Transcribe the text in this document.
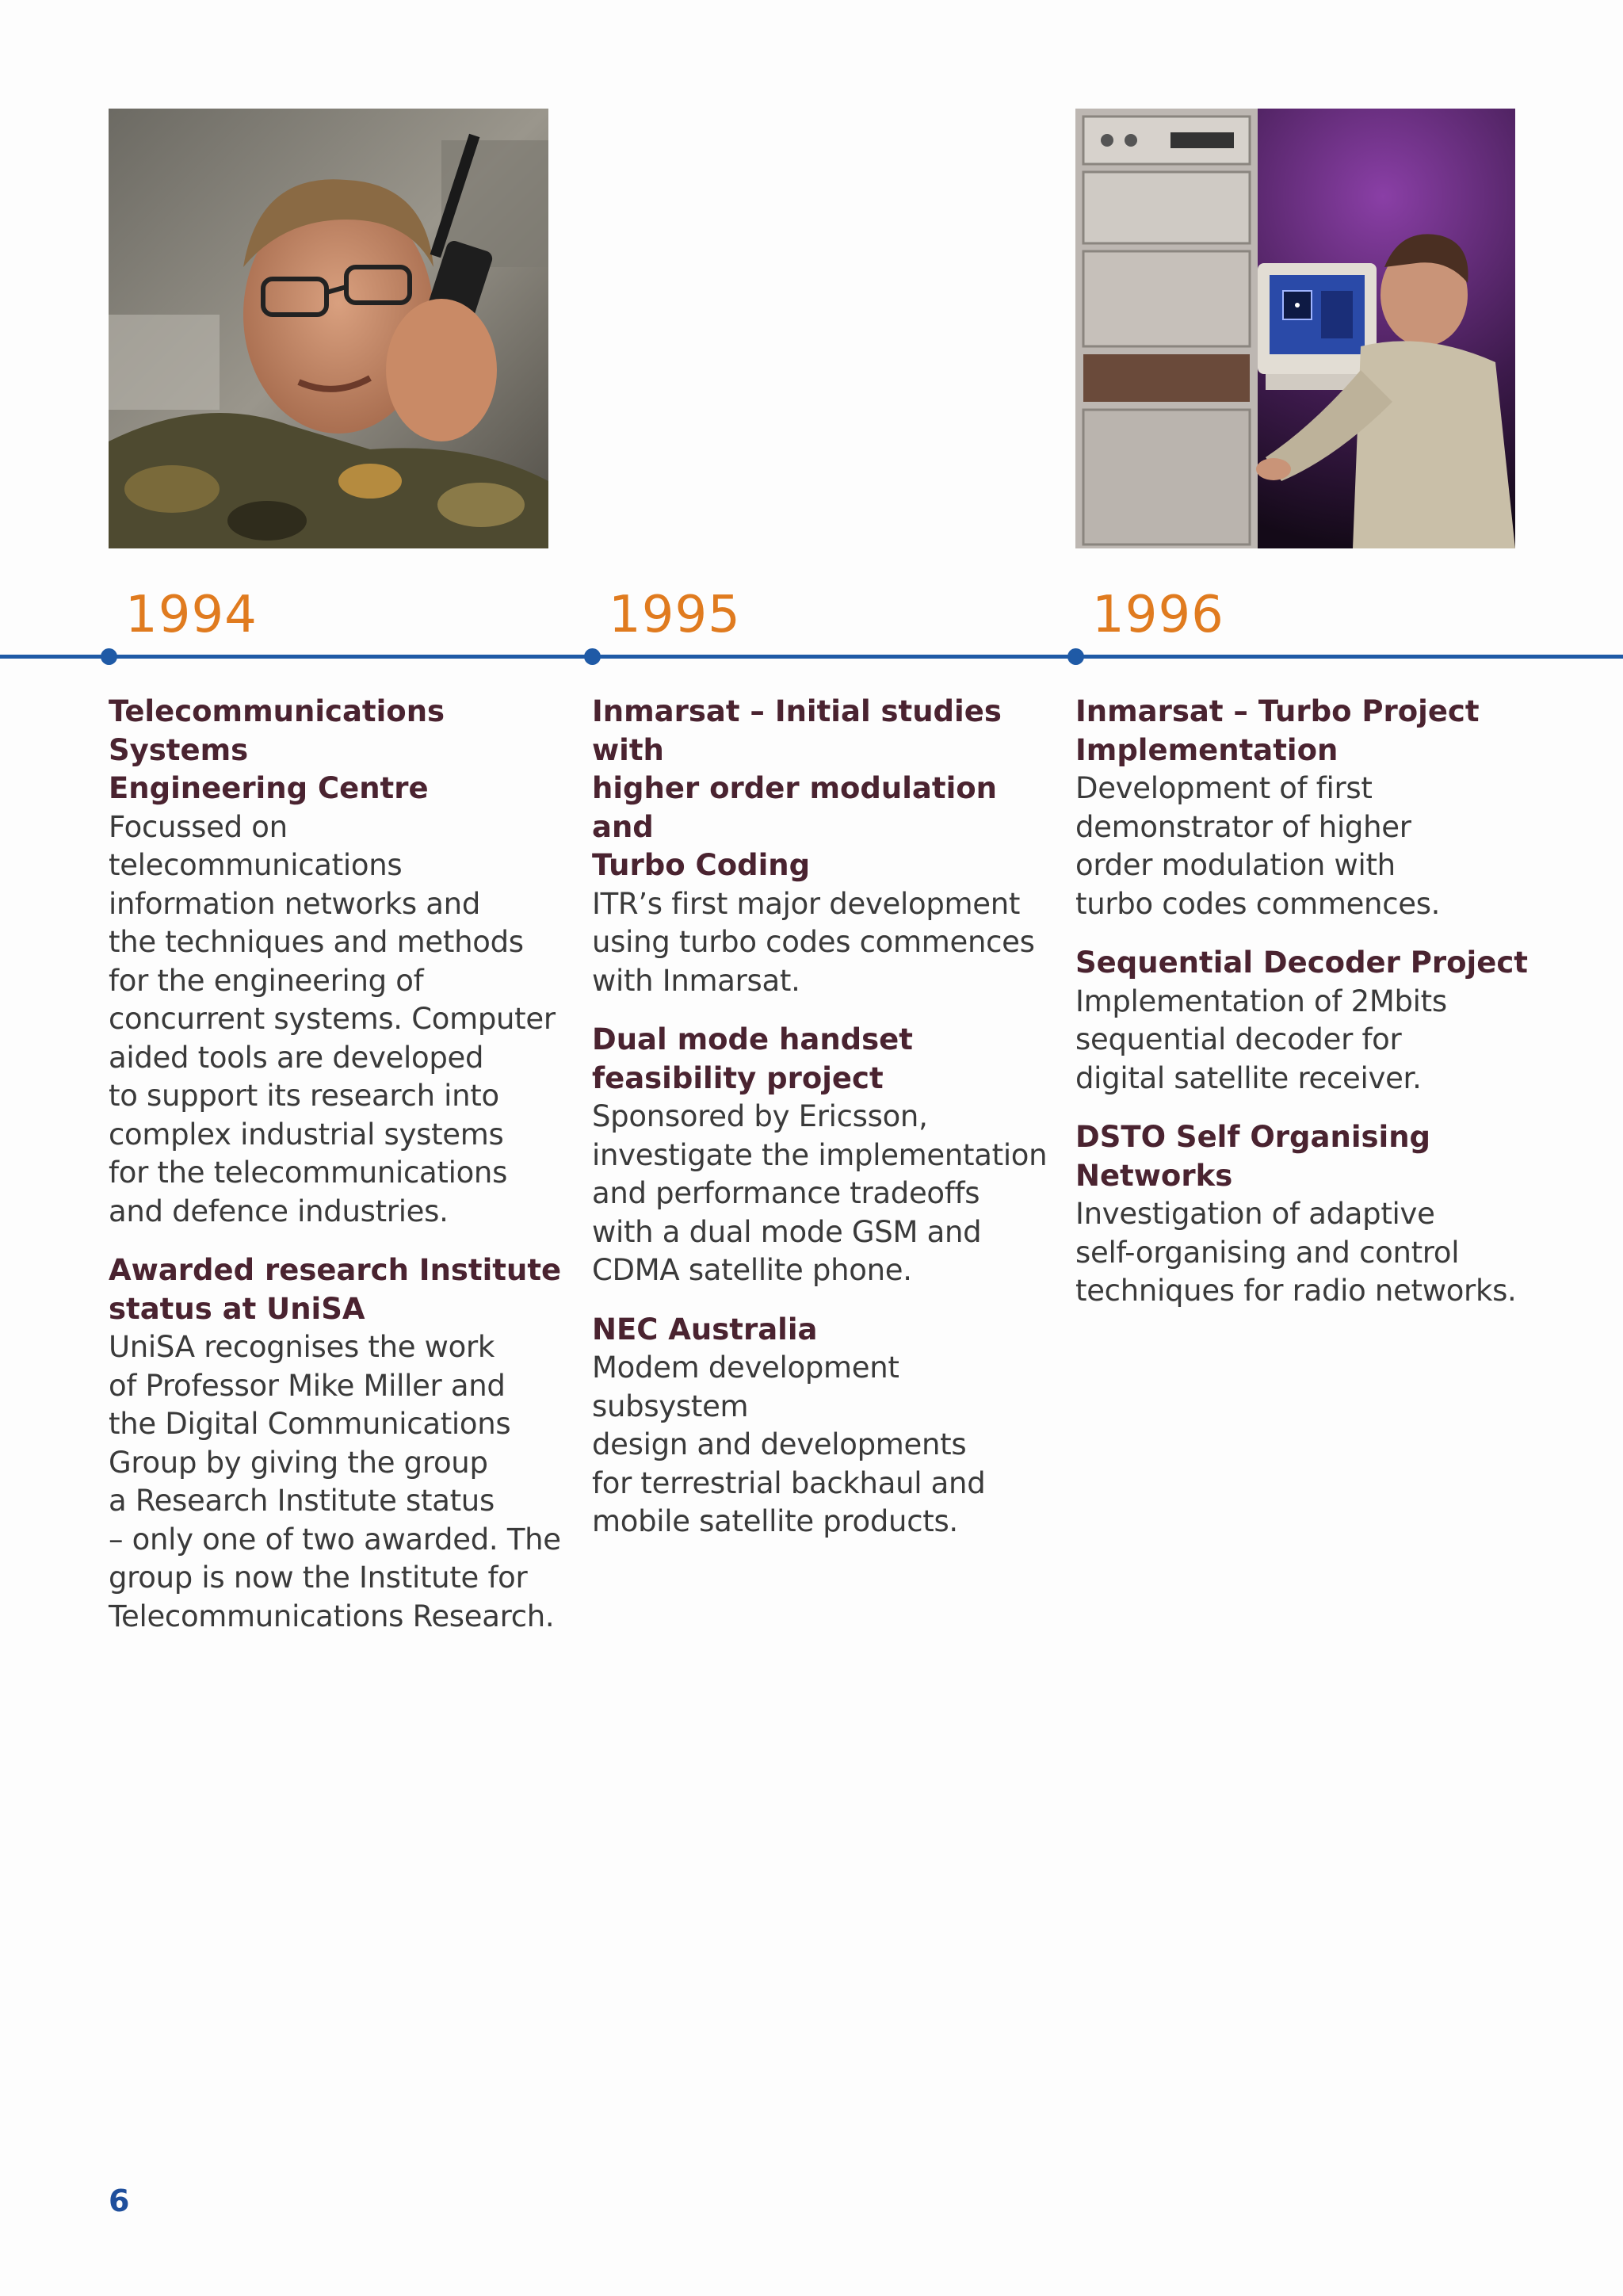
1994	1995	1996

Telecommunications Systems
Engineering Centre

Focussed on telecommunications
information networks and
the techniques and methods
for the engineering of
concurrent systems. Computer
aided tools are developed
to support its research into
complex industrial systems
for the telecommunications
and defence industries.

Awarded research Institute
status at UniSA

UniSA recognises the work
of Professor Mike Miller and
the Digital Communications
Group by giving the group
a Research Institute status
– only one of two awarded. The
group is now the Institute for
Telecommunications Research.

Inmarsat – Initial studies with
higher order modulation and
Turbo Coding

ITR’s first major development
using turbo codes commences
with Inmarsat.

Dual mode handset
feasibility project

Sponsored by Ericsson,
investigate the implementation
and performance tradeoffs
with a dual mode GSM and
CDMA satellite phone.

NEC Australia

Modem development subsystem
design and developments
for terrestrial backhaul and
mobile satellite products.

Inmarsat – Turbo Project
Implementation

Development of first
demonstrator of higher
order modulation with
turbo codes commences.

Sequential Decoder Project

Implementation of 2Mbits
sequential decoder for
digital satellite receiver.

DSTO Self Organising
Networks

Investigation of adaptive
self-organising and control
techniques for radio networks.

6
